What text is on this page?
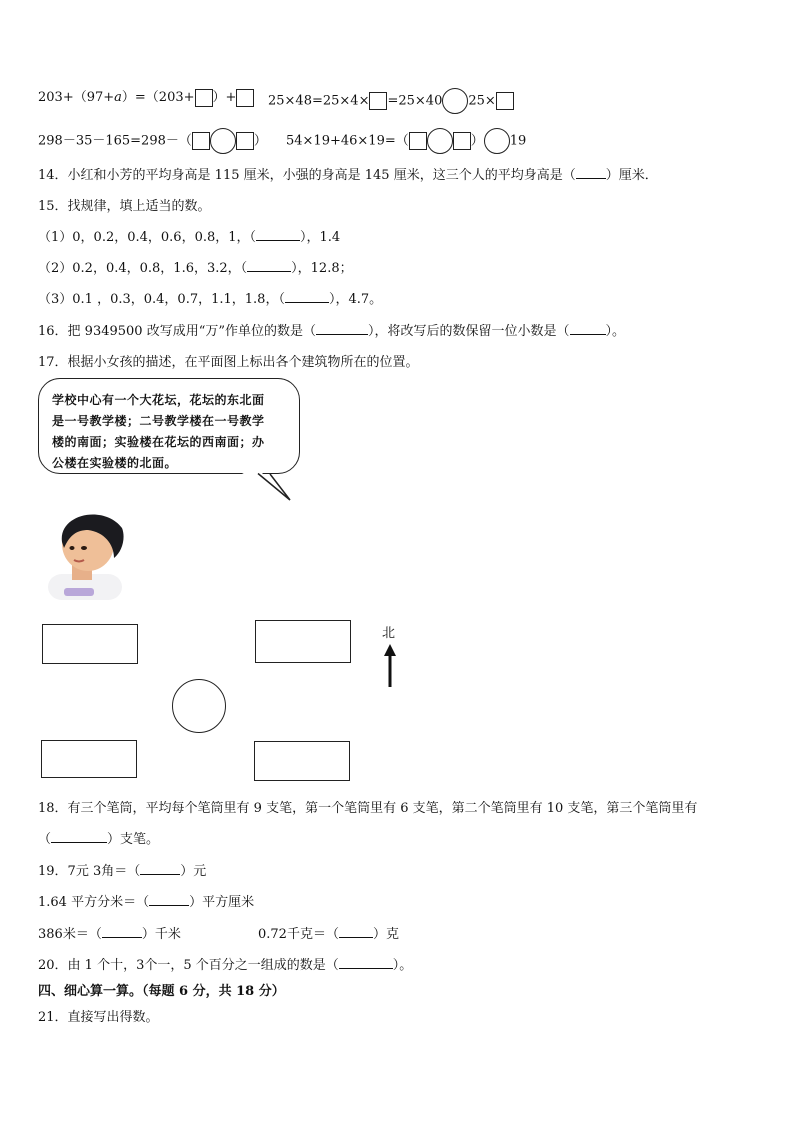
203+（97+a）=（203+ ）+	25×48=25×4× =25×40 25×
298－35－165=298－（	） 54×19+46×19=（	） 19
14．小红和小芳的平均身高是 115 厘米，小强的身高是 145 厘米，这三个人的平均身高是（ ）厘米．
15．找规律，填上适当的数。
（1）0，0.2，0.4，0.6，0.8，1，（	），1.4
（2）0.2，0.4，0.8，1.6，3.2，（	），12.8；
（3）0.1 ，0.3，0.4，0.7，1.1，1.8，（	），4.7。
16．把 9349500 改写成用“万”作单位的数是（	），将改写后的数保留一位小数是（	）。
17．根据小女孩的描述，在平面图上标出各个建筑物所在的位置。
学校中心有一个大花坛，花坛的东北面
是一号教学楼；二号教学楼在一号教学
楼的南面；实验楼在花坛的西南面；办
公楼在实验楼的北面。
北
18．有三个笔筒，平均每个笔筒里有 9 支笔，第一个笔筒里有 6 支笔，第二个笔筒里有 10 支笔，第三个笔筒里有
（	）支笔。
19．7元 3角＝（	）元
1.64 平方分米＝（	）平方厘米
386米＝（	）千米	0.72千克＝（	）克
20．由 1 个十，3个一，5 个百分之一组成的数是（	）。
四、细心算一算。（每题 6 分，共 18 分）
21．直接写出得数。
